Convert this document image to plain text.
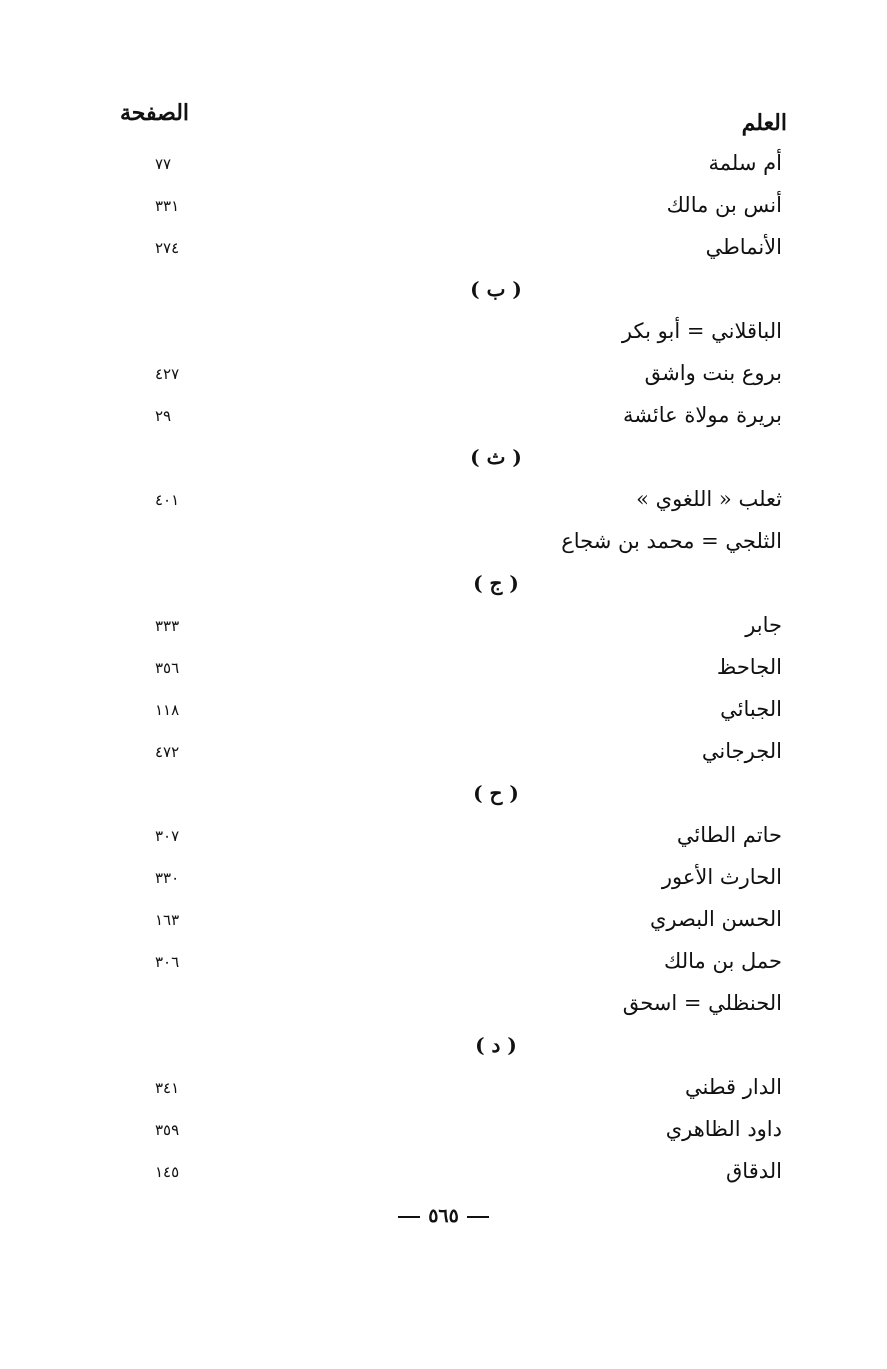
العلم
الصفحة
أم سلمة
٧٧
أنس بن مالك
٣٣١
الأنماطي
٢٧٤
( ب )
الباقلاني = أبو بكر
بروع بنت واشق
٤٢٧
بريرة مولاة عائشة
٢٩
( ث )
ثعلب « اللغوي »
٤٠١
الثلجي = محمد بن شجاع
( ج )
جابر
٣٣٣
الجاحظ
٣٥٦
الجبائي
١١٨
الجرجاني
٤٧٢
( ح )
حاتم الطائي
٣٠٧
الحارث الأعور
٣٣٠
الحسن البصري
١٦٣
حمل بن مالك
٣٠٦
الحنظلي = اسحق
( د )
الدار قطني
٣٤١
داود الظاهري
٣٥٩
الدقاق
١٤٥
٥٦٥
